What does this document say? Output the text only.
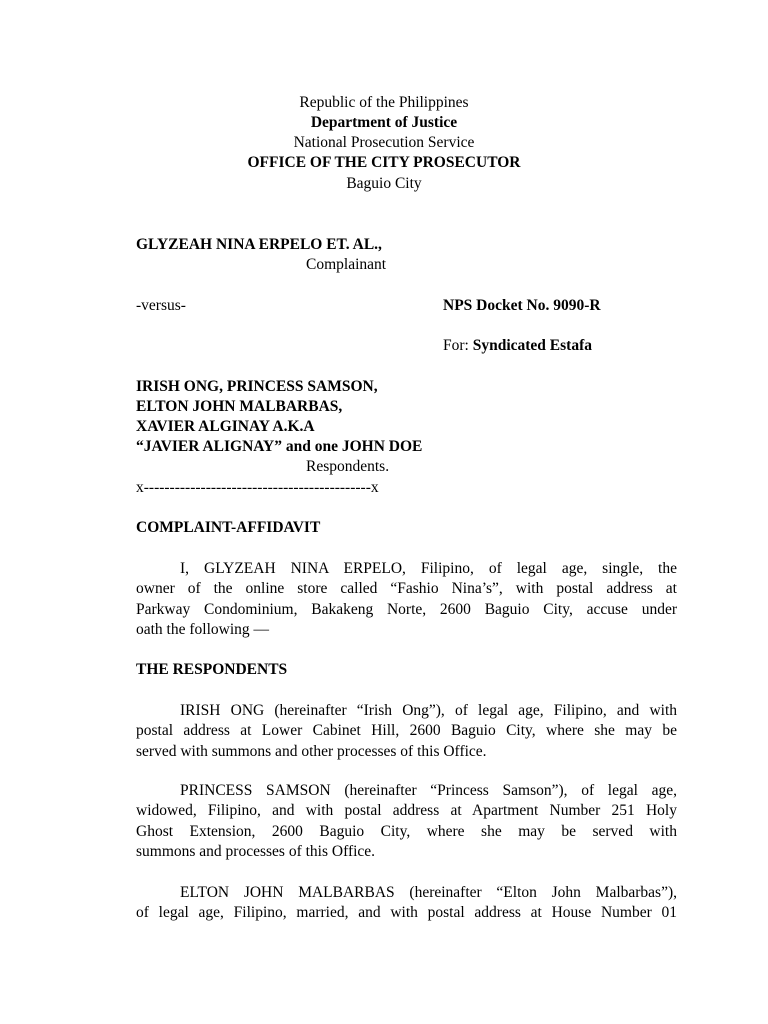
Republic of the Philippines
Department of Justice
National Prosecution Service
OFFICE OF THE CITY PROSECUTOR
Baguio City
GLYZEAH NINA ERPELO ET. AL.,
Complainant
-versus-	NPS Docket No. 9090-R
For: Syndicated Estafa
IRISH ONG, PRINCESS SAMSON,
ELTON JOHN MALBARBAS,
XAVIER ALGINAY A.K.A
“JAVIER ALIGNAY” and one JOHN DOE
Respondents.
x--------------------------------------------x
COMPLAINT-AFFIDAVIT
I, GLYZEAH NINA ERPELO, Filipino, of legal age, single, the
owner of the online store called “Fashio Nina’s”, with postal address at
Parkway Condominium, Bakakeng Norte, 2600 Baguio City, accuse under
oath the following —
THE RESPONDENTS
IRISH ONG (hereinafter “Irish Ong”), of legal age, Filipino, and with
postal address at Lower Cabinet Hill, 2600 Baguio City, where she may be
served with summons and other processes of this Office.
PRINCESS SAMSON (hereinafter “Princess Samson”), of legal age,
widowed, Filipino, and with postal address at Apartment Number 251 Holy
Ghost Extension, 2600 Baguio City, where she may be served with
summons and processes of this Office.
ELTON JOHN MALBARBAS (hereinafter “Elton John Malbarbas”),
of legal age, Filipino, married, and with postal address at House Number 01
